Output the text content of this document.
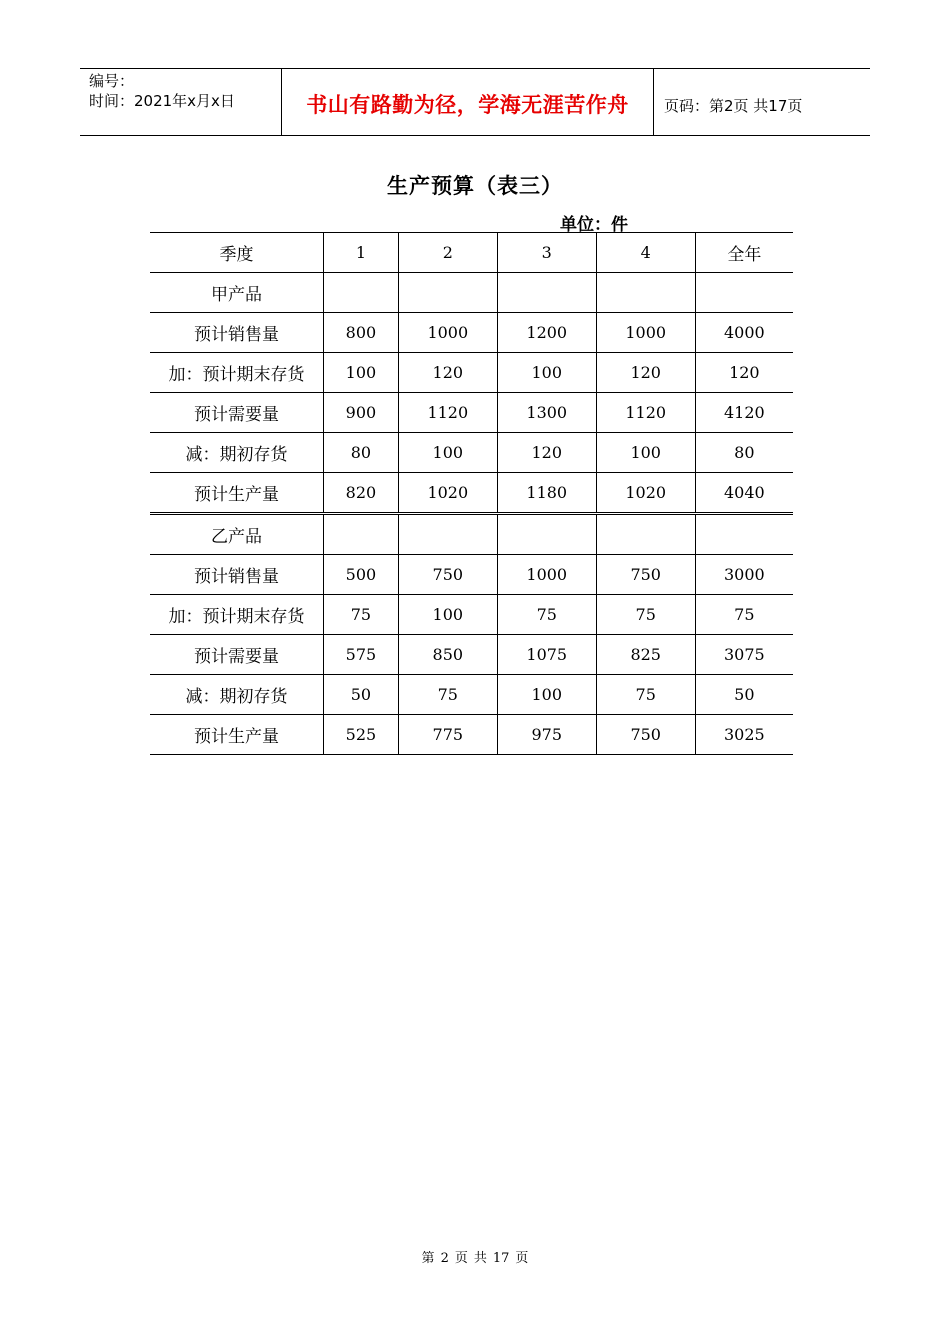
编号：
时间：2021年x月x日	书山有路勤为径，学海无涯苦作舟	页码：第2页 共17页
生产预算（表三）
单位：件
季度	1	2	3	4	全年
甲产品					
预计销售量	800	1000	1200	1000	4000
加：预计期末存货	100	120	100	120	120
预计需要量	900	1120	1300	1120	4120
减：期初存货	80	100	120	100	80
预计生产量	820	1020	1180	1020	4040
乙产品					
预计销售量	500	750	1000	750	3000
加：预计期末存货	75	100	75	75	75
预计需要量	575	850	1075	825	3075
减：期初存货	50	75	100	75	50
预计生产量	525	775	975	750	3025
第 2 页 共 17 页
